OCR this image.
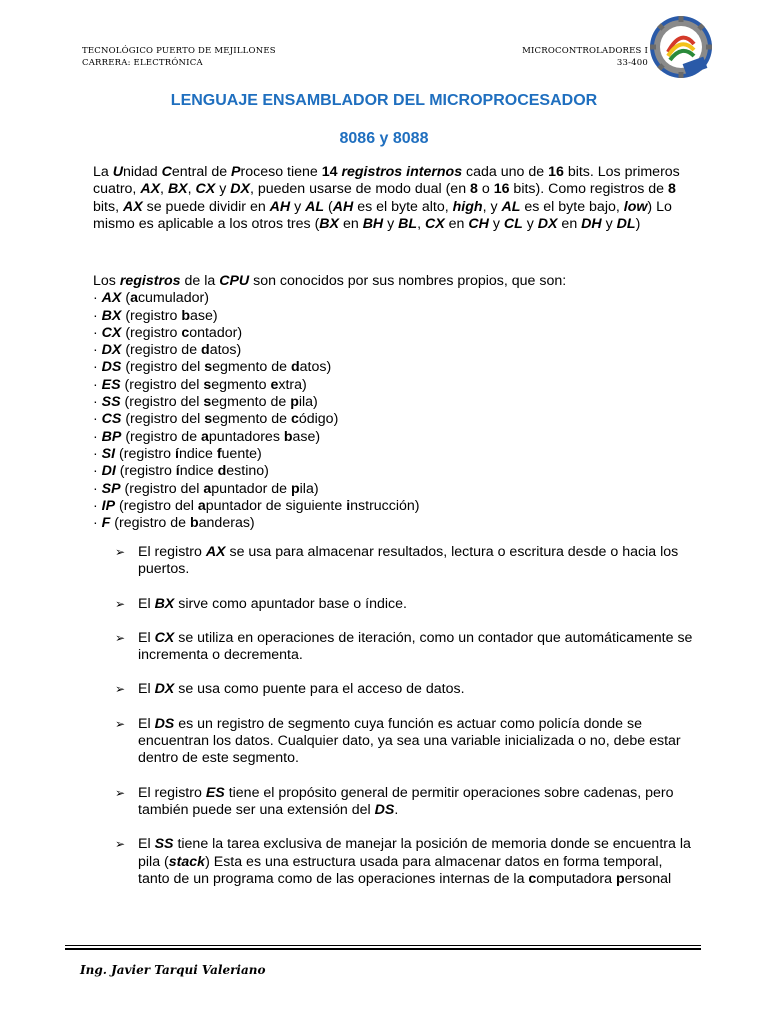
TECNOLÓGICO PUERTO DE MEJILLONES
CARRERA: ELECTRÓNICA
MICROCONTROLADORES I
33-400
LENGUAJE ENSAMBLADOR DEL MICROPROCESADOR
8086 y 8088
La Unidad Central de Proceso tiene 14 registros internos cada uno de 16 bits. Los primeros cuatro, AX, BX, CX y DX, pueden usarse de modo dual (en 8 o 16 bits). Como registros de 8 bits, AX se puede dividir en AH y AL (AH es el byte alto, high, y AL es el byte bajo, low) Lo mismo es aplicable a los otros tres (BX en BH y BL, CX en CH y CL y DX en DH y DL)
Los registros de la CPU son conocidos por sus nombres propios, que son:
· AX (acumulador)
· BX (registro base)
· CX (registro contador)
· DX (registro de datos)
· DS (registro del segmento de datos)
· ES (registro del segmento extra)
· SS (registro del segmento de pila)
· CS (registro del segmento de código)
· BP (registro de apuntadores base)
· SI (registro índice fuente)
· DI (registro índice destino)
· SP (registro del apuntador de pila)
· IP (registro del apuntador de siguiente instrucción)
· F (registro de banderas)
➢ El registro AX se usa para almacenar resultados, lectura o escritura desde o hacia los puertos.
➢ El BX sirve como apuntador base o índice.
➢ El CX se utiliza en operaciones de iteración, como un contador que automáticamente se incrementa o decrementa.
➢ El DX se usa como puente para el acceso de datos.
➢ El DS es un registro de segmento cuya función es actuar como policía donde se encuentran los datos. Cualquier dato, ya sea una variable inicializada o no, debe estar dentro de este segmento.
➢ El registro ES tiene el propósito general de permitir operaciones sobre cadenas, pero también puede ser una extensión del DS.
➢ El SS tiene la tarea exclusiva de manejar la posición de memoria donde se encuentra la pila (stack) Esta es una estructura usada para almacenar datos en forma temporal, tanto de un programa como de las operaciones internas de la computadora personal
Ing. Javier Tarqui Valeriano
